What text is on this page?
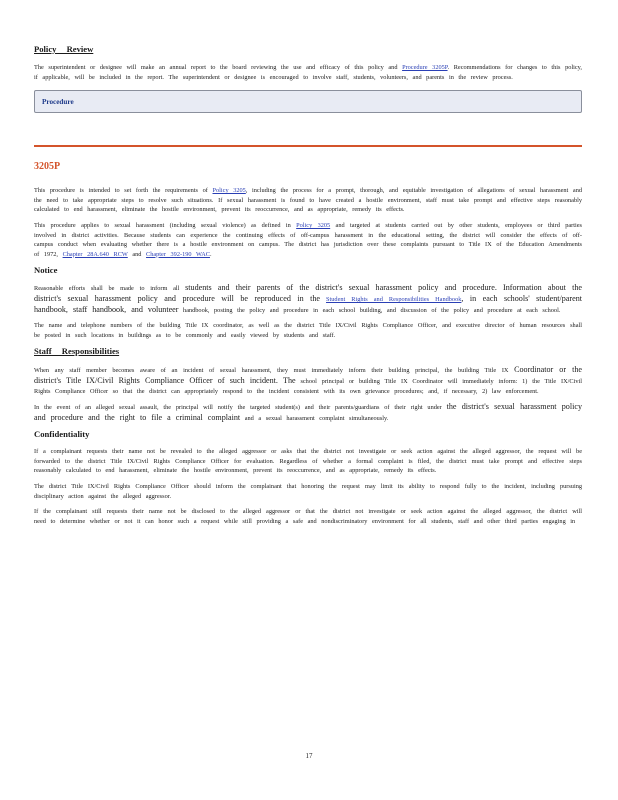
Policy Review

The superintendent or designee will make an annual report to the board reviewing the use and efficacy of this policy and Procedure 3205P. Recommendations for changes to this policy, if applicable, will be included in the report. The superintendent or designee is encouraged to involve staff, students, volunteers, and parents in the review process.

Procedure
3205P

This procedure is intended to set forth the requirements of Policy 3205, including the process for a prompt, thorough, and equitable investigation of allegations of sexual harassment and the need to take appropriate steps to resolve such situations. If sexual harassment is found to have created a hostile environment, staff must take prompt and effective steps reasonably calculated to end harassment, eliminate the hostile environment, prevent its reoccurrence, and as appropriate, remedy its effects.

This procedure applies to sexual harassment (including sexual violence) as defined in Policy 3205 and targeted at students carried out by other students, employees or third parties involved in district activities. Because students can experience the continuing effects of off-campus harassment in the educational setting, the district will consider the effects of off-campus conduct when evaluating whether there is a hostile environment on campus. The district has jurisdiction over these complaints pursuant to Title IX of the Education Amendments of 1972, Chapter 28A.640 RCW and Chapter 392-190 WAC.

Notice

Reasonable efforts shall be made to inform all students and their parents of the district's sexual harassment policy and procedure. Information about the district's sexual harassment policy and procedure will be reproduced in the Student Rights and Responsibilities Handbook, in each schools' student/parent handbook, staff handbook, and volunteer handbook, posting the policy and procedure in each school building, and discussion of the policy and procedure at each school.

The name and telephone numbers of the building Title IX coordinator, as well as the district Title IX/Civil Rights Compliance Officer, and executive director of human resources shall be posted in such locations in buildings as to be commonly and easily viewed by students and staff.

Staff Responsibilities

When any staff member becomes aware of an incident of sexual harassment, they must immediately inform their building principal, the building Title IX Coordinator or the district's Title IX/Civil Rights Compliance Officer of such incident. The school principal or building Title IX Coordinator will immediately inform: 1) the Title IX/Civil Rights Compliance Officer so that the district can appropriately respond to the incident consistent with its own grievance procedures; and, if necessary, 2) law enforcement.

In the event of an alleged sexual assault, the principal will notify the targeted student(s) and their parents/guardians of their right under the district's sexual harassment policy and procedure and the right to file a criminal complaint and a sexual harassment complaint simultaneously.

Confidentiality

If a complainant requests their name not be revealed to the alleged aggressor or asks that the district not investigate or seek action against the alleged aggressor, the request will be forwarded to the district Title IX/Civil Rights Compliance Officer for evaluation. Regardless of whether a formal complaint is filed, the district must take prompt and effective steps reasonably calculated to end harassment, eliminate the hostile environment, prevent its reoccurrence, and as appropriate, remedy its effects.

The district Title IX/Civil Rights Compliance Officer should inform the complainant that honoring the request may limit its ability to respond fully to the incident, including pursuing disciplinary action against the alleged aggressor.

If the complainant still requests their name not be disclosed to the alleged aggressor or that the district not investigate or seek action against the alleged aggressor, the district will need to determine whether or not it can honor such a request while still providing a safe and nondiscriminatory environment for all students, staff and other third parties engaging in

17
